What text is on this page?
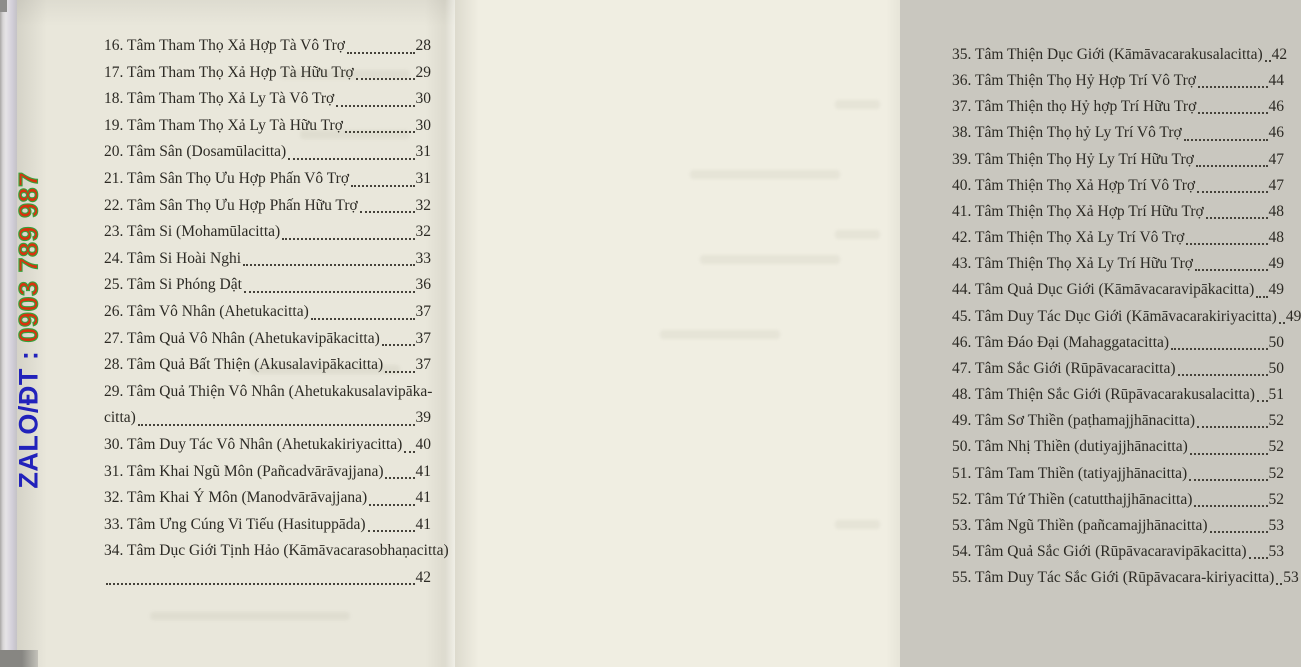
16. Tâm Tham Thọ Xả Hợp Tà Vô Trợ	28
17. Tâm Tham Thọ Xả Hợp Tà Hữu Trợ	29
18. Tâm Tham Thọ Xả Ly Tà Vô Trợ	30
19. Tâm Tham Thọ Xả Ly Tà Hữu Trợ	30
20. Tâm Sân (Dosamūlacitta)	31
21. Tâm Sân Thọ Ưu Hợp Phấn Vô Trợ	31
22. Tâm Sân Thọ Ưu Hợp Phấn Hữu Trợ	32
23. Tâm Si (Mohamūlacitta)	32
24. Tâm Si Hoài Nghi	33
25. Tâm Si Phóng Dật	36
26. Tâm Vô Nhân (Ahetukacitta)	37
27. Tâm Quả Vô Nhân (Ahetukavipākacitta) 37
28. Tâm Quả Bất Thiện (Akusalavipākacitta) 37
29. Tâm Quả Thiện Vô Nhân (Ahetukakusalavipāka-
citta)	39
30. Tâm Duy Tác Vô Nhân (Ahetukakiriyacitta) 40
31. Tâm Khai Ngũ Môn (Pañcadvārāvajjana) 41
32. Tâm Khai Ý Môn (Manodvārāvajjana)	41
33. Tâm Ưng Cúng Vi Tiếu (Hasituppāda)	41
34. Tâm Dục Giới Tịnh Hảo (Kāmāvacarasobhaṇacitta)
42
35. Tâm Thiện Dục Giới (Kāmāvacarakusalacitta) 42
36. Tâm Thiện Thọ Hỷ Hợp Trí Vô Trợ	44
37. Tâm Thiện thọ Hỷ hợp Trí Hữu Trợ	46
38. Tâm Thiện Thọ hỷ Ly Trí Vô Trợ	46
39. Tâm Thiện Thọ Hỷ Ly Trí Hữu Trợ	47
40. Tâm Thiện Thọ Xả Hợp Trí Vô Trợ	47
41. Tâm Thiện Thọ Xả Hợp Trí Hữu Trợ	48
42. Tâm Thiện Thọ Xả Ly Trí Vô Trợ	48
43. Tâm Thiện Thọ Xả Ly Trí Hữu Trợ	49
44. Tâm Quả Dục Giới (Kāmāvacaravipākacitta) 49
45. Tâm Duy Tác Dục Giới (Kāmāvacarakiriyacitta) 49
46. Tâm Đáo Đại (Mahaggatacitta)	50
47. Tâm Sắc Giới (Rūpāvacaracitta)	50
48. Tâm Thiện Sắc Giới (Rūpāvacarakusalacitta) 51
49. Tâm Sơ Thiền (paṭhamajjhānacitta)	52
50. Tâm Nhị Thiền (dutiyajjhānacitta)	52
51. Tâm Tam Thiền (tatiyajjhānacitta)	52
52. Tâm Tứ Thiền (catutthajjhānacitta)	52
53. Tâm Ngũ Thiền (pañcamajjhānacitta)	53
54. Tâm Quả Sắc Giới (Rūpāvacaravipākacitta) 53
55. Tâm Duy Tác Sắc Giới (Rūpāvacara-kiriyacitta) 53
ZALO/ĐT : 0903 789 987
